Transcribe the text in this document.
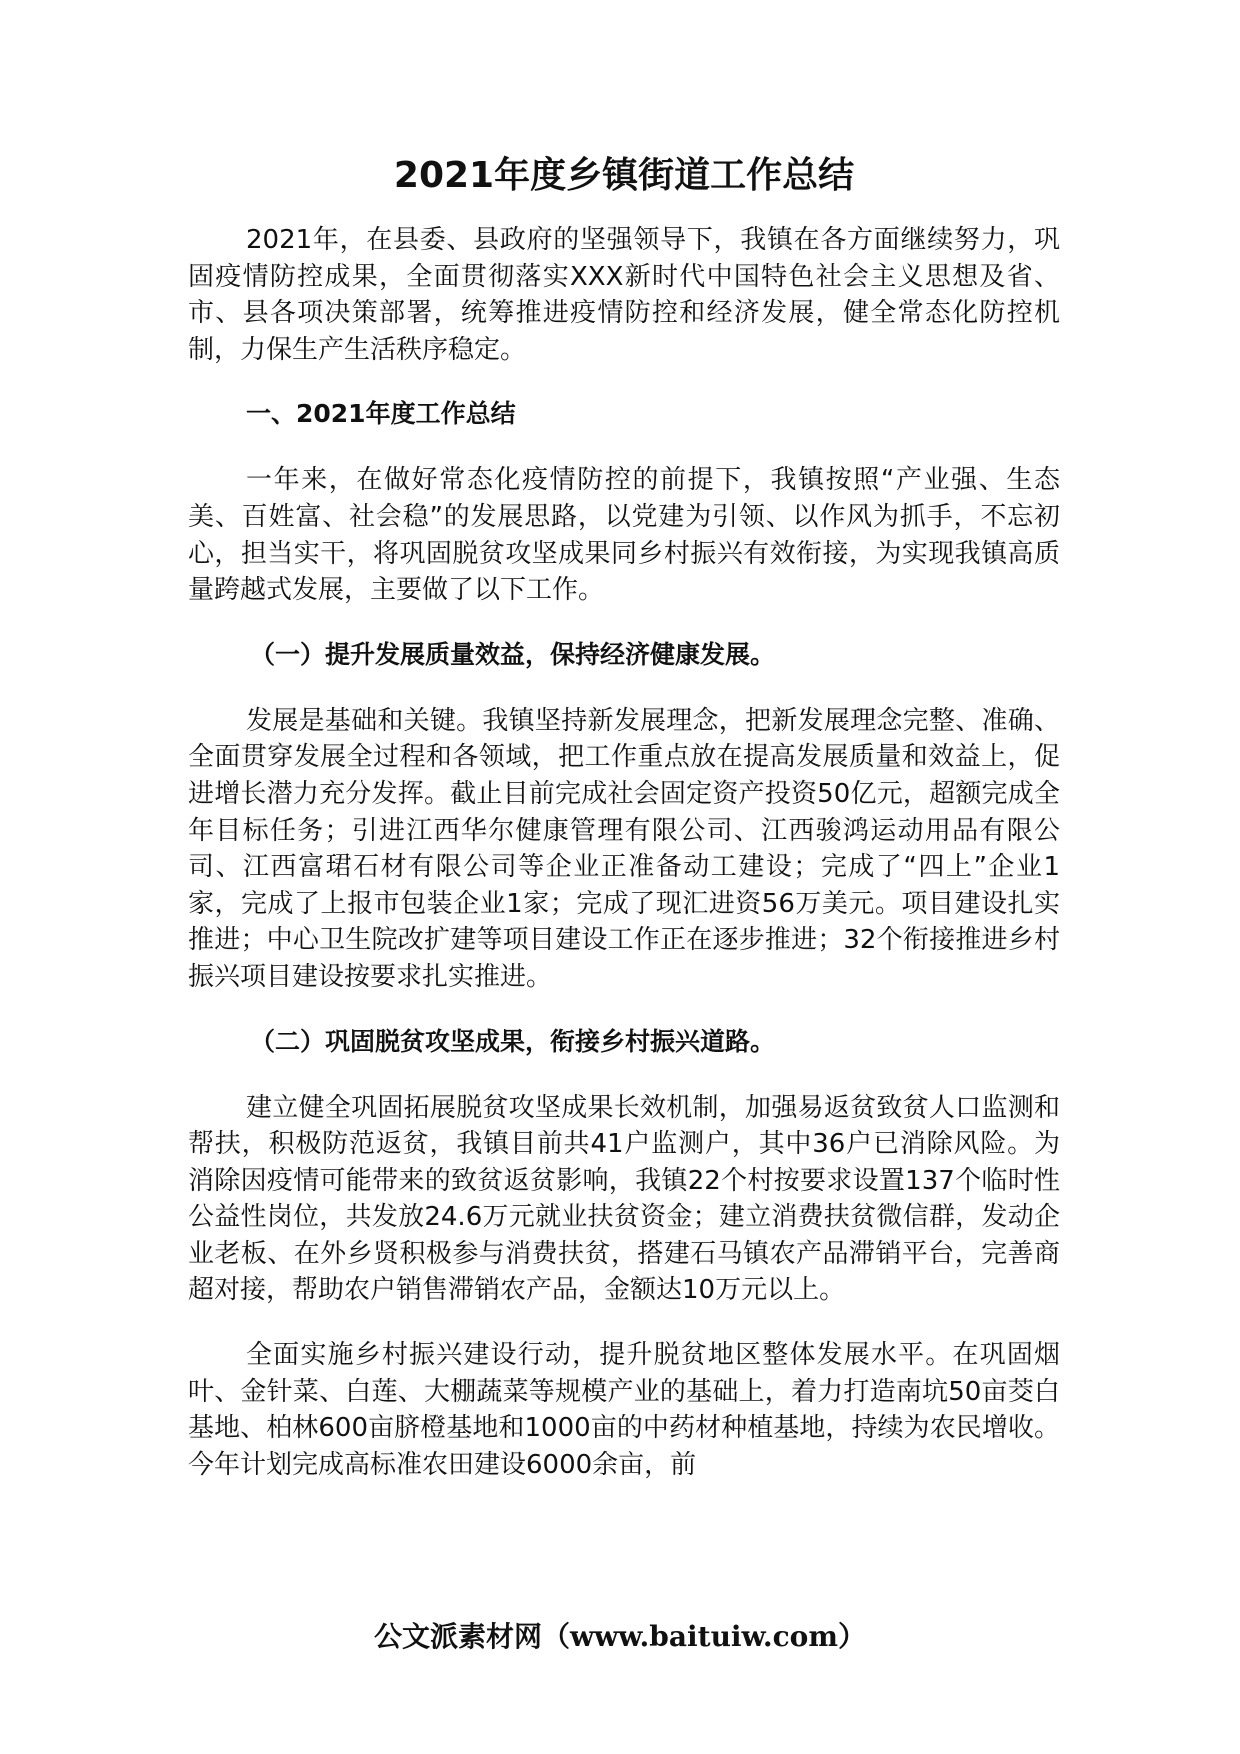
2021年度乡镇街道工作总结

2021年，在县委、县政府的坚强领导下，我镇在各方面继续努力，巩固疫情防控成果，全面贯彻落实XXX新时代中国特色社会主义思想及省、市、县各项决策部署，统筹推进疫情防控和经济发展，健全常态化防控机制，力保生产生活秩序稳定。

一、2021年度工作总结

一年来，在做好常态化疫情防控的前提下，我镇按照“产业强、生态美、百姓富、社会稳”的发展思路，以党建为引领、以作风为抓手，不忘初心，担当实干，将巩固脱贫攻坚成果同乡村振兴有效衔接，为实现我镇高质量跨越式发展，主要做了以下工作。

（一）提升发展质量效益，保持经济健康发展。

发展是基础和关键。我镇坚持新发展理念，把新发展理念完整、准确、全面贯穿发展全过程和各领域，把工作重点放在提高发展质量和效益上，促进增长潜力充分发挥。截止目前完成社会固定资产投资50亿元，超额完成全年目标任务；引进江西华尔健康管理有限公司、江西骏鸿运动用品有限公司、江西富珺石材有限公司等企业正准备动工建设；完成了“四上”企业1家，完成了上报市包装企业1家；完成了现汇进资56万美元。项目建设扎实推进；中心卫生院改扩建等项目建设工作正在逐步推进；32个衔接推进乡村振兴项目建设按要求扎实推进。

（二）巩固脱贫攻坚成果，衔接乡村振兴道路。

建立健全巩固拓展脱贫攻坚成果长效机制，加强易返贫致贫人口监测和帮扶，积极防范返贫，我镇目前共41户监测户，其中36户已消除风险。为消除因疫情可能带来的致贫返贫影响，我镇22个村按要求设置137个临时性公益性岗位，共发放24.6万元就业扶贫资金；建立消费扶贫微信群，发动企业老板、在外乡贤积极参与消费扶贫，搭建石马镇农产品滞销平台，完善商超对接，帮助农户销售滞销农产品，金额达10万元以上。

全面实施乡村振兴建设行动，提升脱贫地区整体发展水平。在巩固烟叶、金针菜、白莲、大棚蔬菜等规模产业的基础上，着力打造南坑50亩茭白基地、柏林600亩脐橙基地和1000亩的中药材种植基地，持续为农民增收。今年计划完成高标准农田建设6000余亩，前

公文派素材网（www.baituiw.com）
